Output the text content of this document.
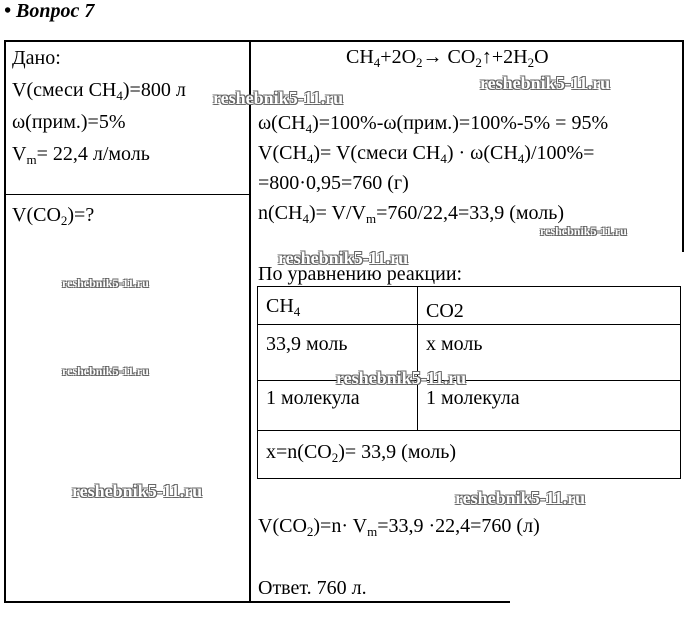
• Вопрос 7
Дано:
V(смеси $CH_4)=800$ л
ω(прим.)=5%
$V_m= 22,4$ л/моль
$V(CO_2)=$?
$CH_4+2O_2\to$ $CO_2↑+2H_2O$
$\omega(CH_4)=100\%-\omega(прим.)=100\%-5\% = 95\%$
$V(CH_4)=$ V(смеси $CH_4) \cdot \omega(CH_4)/100\%=$
=800·0,95=760 (г)
$n(CH_4)= V/V_m=760/22,4=33,9$ (моль)
По уравнению реакции:
$CH_4$	CO2
33,9 моль	x моль
1 молекула	1 молекула
$x=n(CO_2)= 33,9$ (моль)
$V(CO_2)=n\cdot V_m=33,9 \cdot 22,4=760$ (л)
Ответ. 760 л.
reshebnik5-11.ru
reshebnik5-11.ru
reshebnik5-11.ru
reshebnik5-11.ru
reshebnik5-11.ru
reshebnik5-11.ru	reshebnik5-11.ru
reshebnik5-11.ru	reshebnik5-11.ru
